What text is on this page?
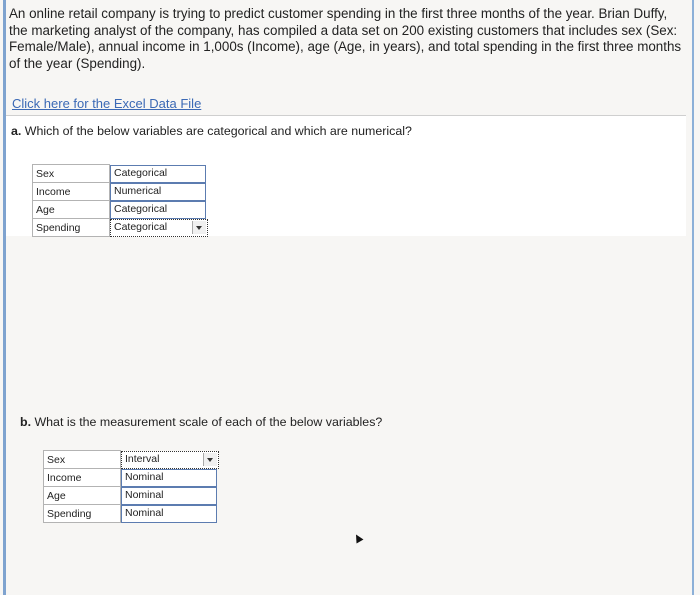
An online retail company is trying to predict customer spending in the first three months of the year. Brian Duffy, the marketing analyst of the company, has compiled a data set on 200 existing customers that includes sex (Sex: Female/Male), annual income in 1,000s (Income), age (Age, in years), and total spending in the first three months of the year (Spending).
Click here for the Excel Data File
a. Which of the below variables are categorical and which are numerical?
Sex	Categorical

Income	Numerical

Age	Categorical

Spending	Categorical
b. What is the measurement scale of each of the below variables?
Sex	Interval

Income	Nominal

Age	Nominal

Spending	Nominal
